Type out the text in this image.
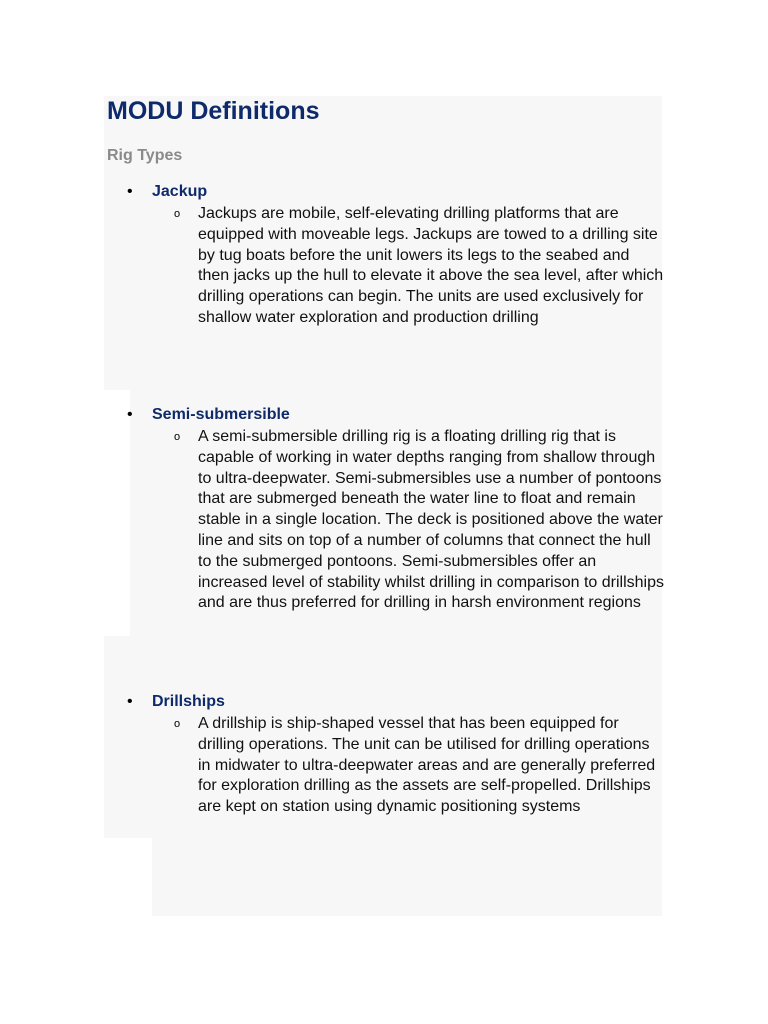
MODU Definitions
Rig Types
• Jackup
o Jackups are mobile, self-elevating drilling platforms that are equipped with moveable legs. Jackups are towed to a drilling site by tug boats before the unit lowers its legs to the seabed and then jacks up the hull to elevate it above the sea level, after which drilling operations can begin. The units are used exclusively for shallow water exploration and production drilling
• Semi-submersible
o A semi-submersible drilling rig is a floating drilling rig that is capable of working in water depths ranging from shallow through to ultra-deepwater. Semi-submersibles use a number of pontoons that are submerged beneath the water line to float and remain stable in a single location. The deck is positioned above the water line and sits on top of a number of columns that connect the hull to the submerged pontoons. Semi-submersibles offer an increased level of stability whilst drilling in comparison to drillships and are thus preferred for drilling in harsh environment regions
• Drillships
o A drillship is ship-shaped vessel that has been equipped for drilling operations. The unit can be utilised for drilling operations in midwater to ultra-deepwater areas and are generally preferred for exploration drilling as the assets are self-propelled. Drillships are kept on station using dynamic positioning systems
